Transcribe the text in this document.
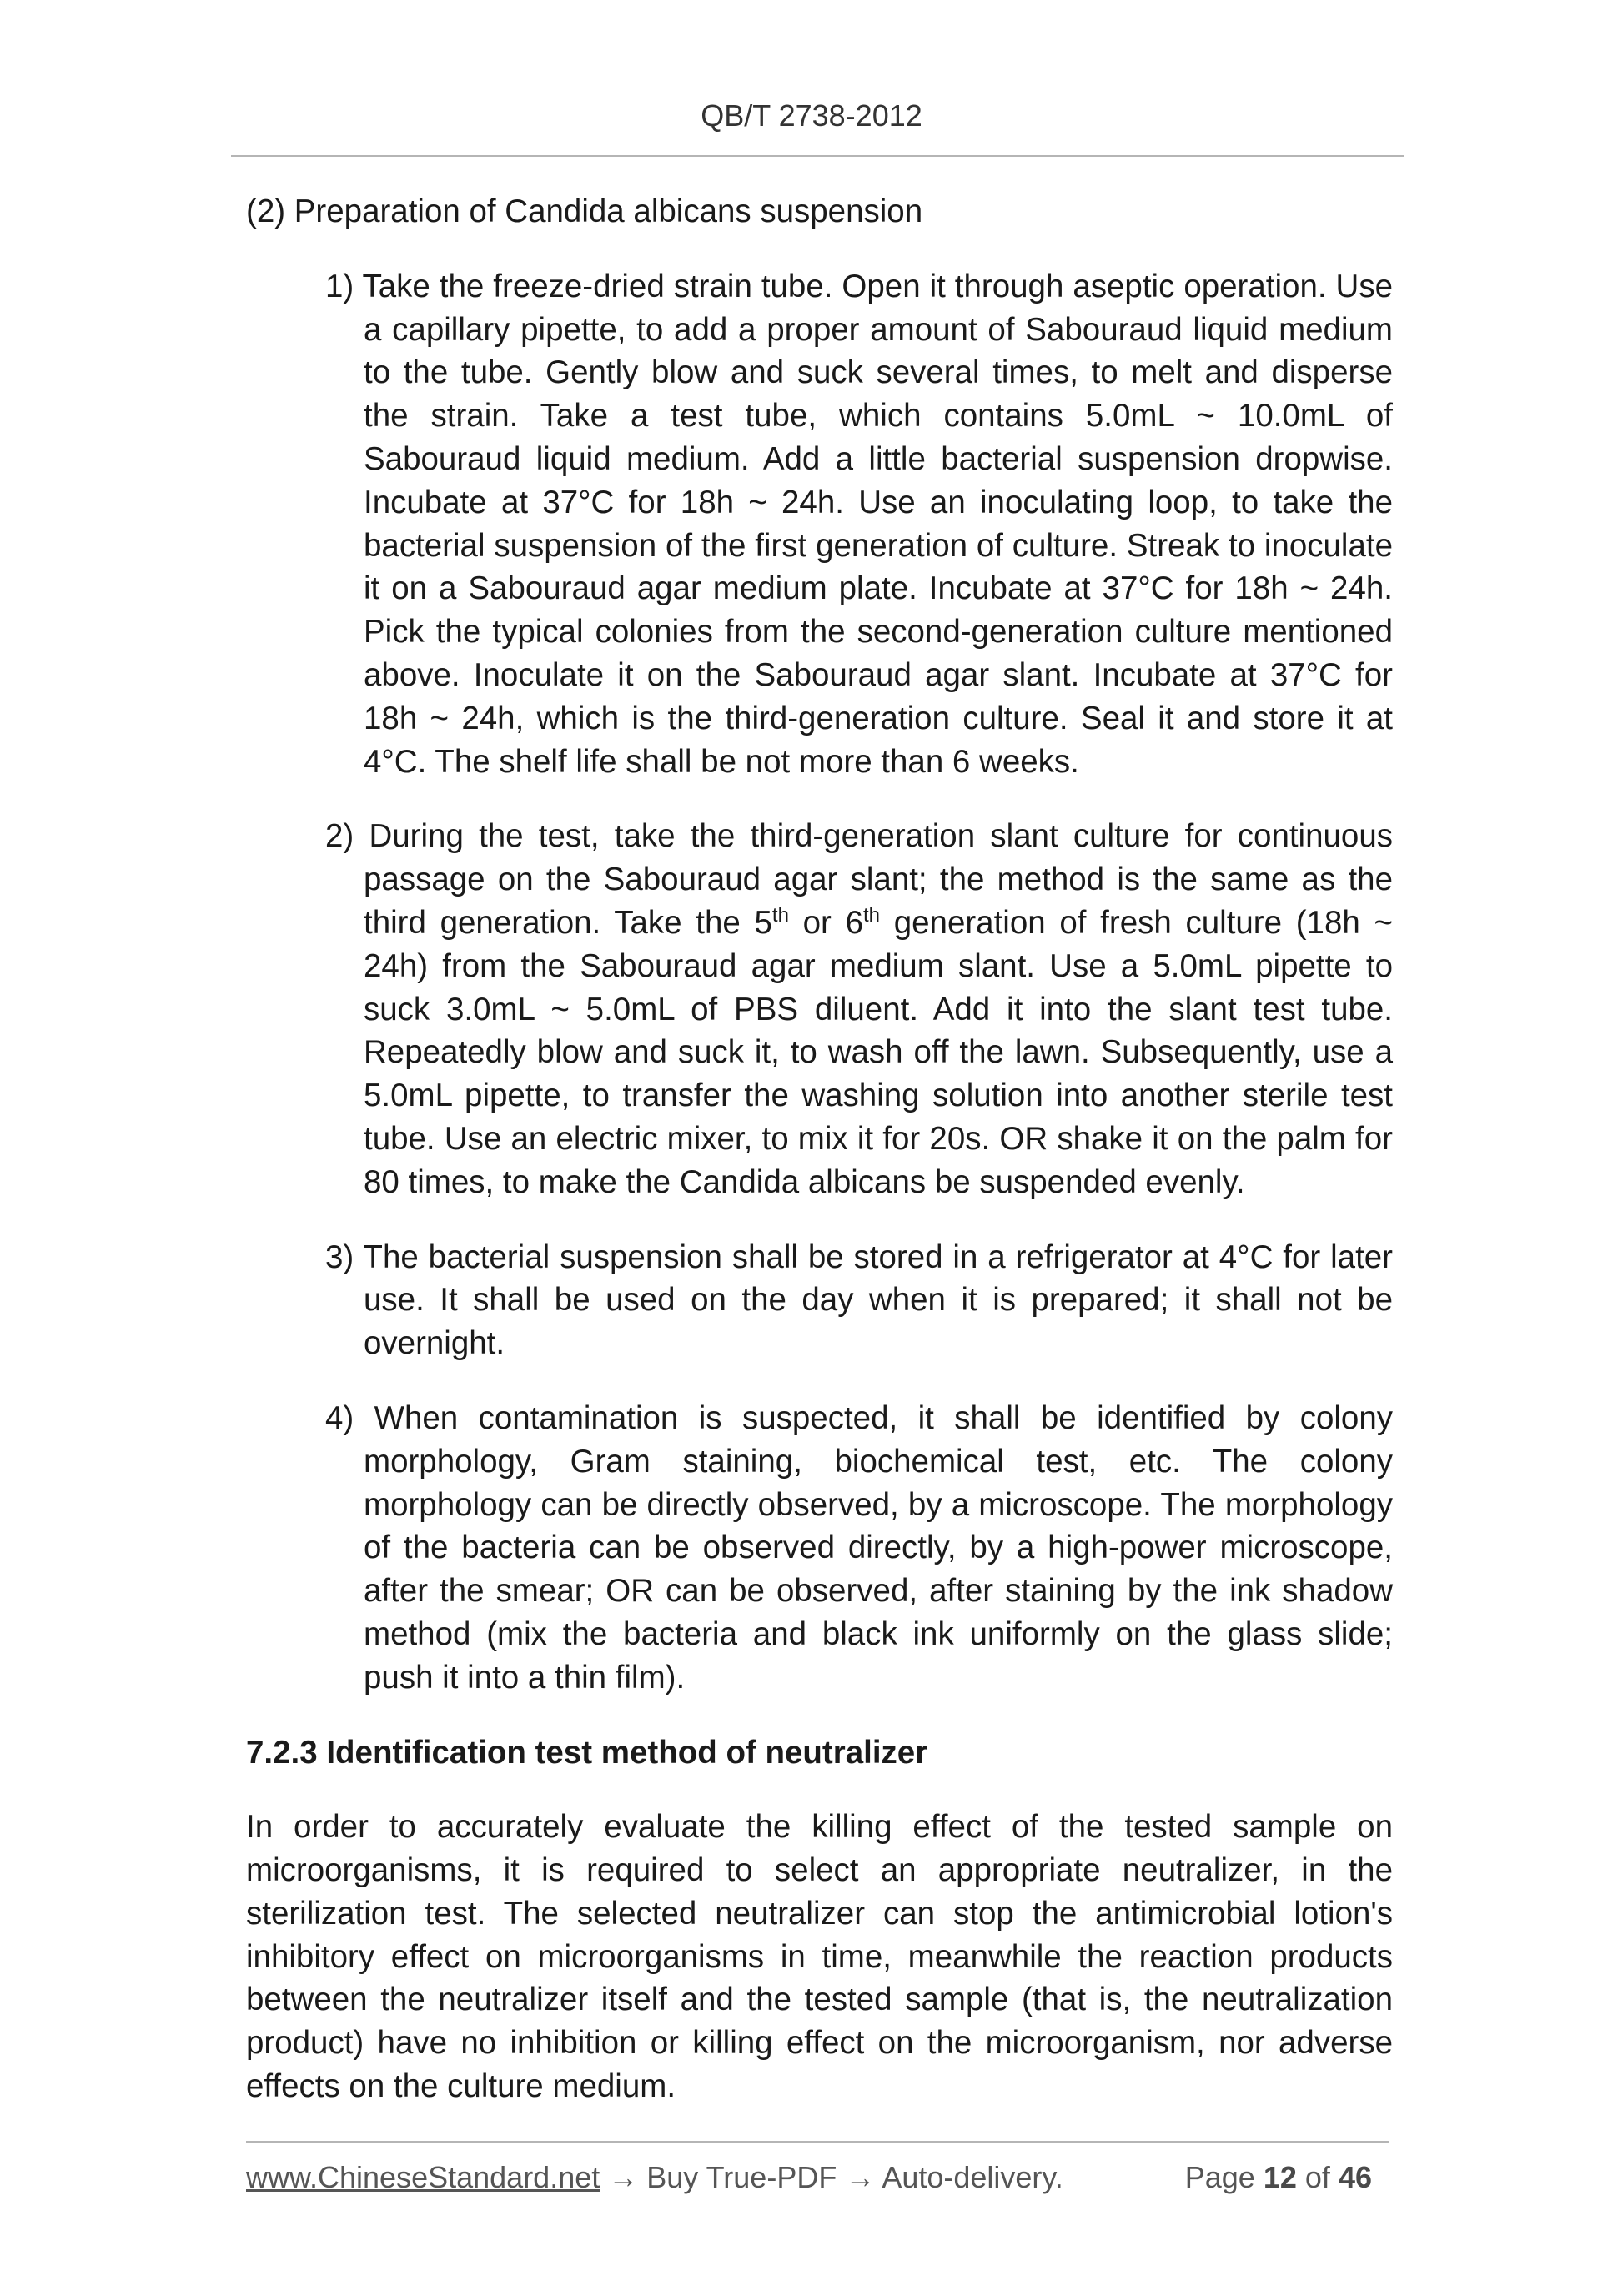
QB/T 2738-2012

(2) Preparation of Candida albicans suspension

1) Take the freeze-dried strain tube. Open it through aseptic operation. Use a capillary pipette, to add a proper amount of Sabouraud liquid medium to the tube. Gently blow and suck several times, to melt and disperse the strain. Take a test tube, which contains 5.0mL ~ 10.0mL of Sabouraud liquid medium. Add a little bacterial suspension dropwise. Incubate at 37°C for 18h ~ 24h. Use an inoculating loop, to take the bacterial suspension of the first generation of culture. Streak to inoculate it on a Sabouraud agar medium plate. Incubate at 37°C for 18h ~ 24h. Pick the typical colonies from the second-generation culture mentioned above. Inoculate it on the Sabouraud agar slant. Incubate at 37°C for 18h ~ 24h, which is the third-generation culture. Seal it and store it at 4°C. The shelf life shall be not more than 6 weeks.

2) During the test, take the third-generation slant culture for continuous passage on the Sabouraud agar slant; the method is the same as the third generation. Take the 5th or 6th generation of fresh culture (18h ~ 24h) from the Sabouraud agar medium slant. Use a 5.0mL pipette to suck 3.0mL ~ 5.0mL of PBS diluent. Add it into the slant test tube. Repeatedly blow and suck it, to wash off the lawn. Subsequently, use a 5.0mL pipette, to transfer the washing solution into another sterile test tube. Use an electric mixer, to mix it for 20s. OR shake it on the palm for 80 times, to make the Candida albicans be suspended evenly.

3) The bacterial suspension shall be stored in a refrigerator at 4°C for later use. It shall be used on the day when it is prepared; it shall not be overnight.

4) When contamination is suspected, it shall be identified by colony morphology, Gram staining, biochemical test, etc. The colony morphology can be directly observed, by a microscope. The morphology of the bacteria can be observed directly, by a high-power microscope, after the smear; OR can be observed, after staining by the ink shadow method (mix the bacteria and black ink uniformly on the glass slide; push it into a thin film).

7.2.3 Identification test method of neutralizer

In order to accurately evaluate the killing effect of the tested sample on microorganisms, it is required to select an appropriate neutralizer, in the sterilization test. The selected neutralizer can stop the antimicrobial lotion's inhibitory effect on microorganisms in time, meanwhile the reaction products between the neutralizer itself and the tested sample (that is, the neutralization product) have no inhibition or killing effect on the microorganism, nor adverse effects on the culture medium.

www.ChineseStandard.net → Buy True-PDF → Auto-delivery.	Page 12 of 46
